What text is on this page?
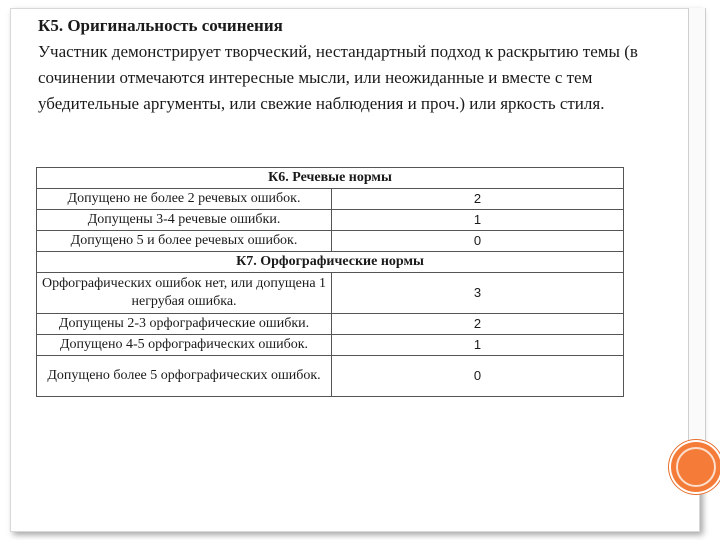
К5. Оригинальность сочинения
Участник демонстрирует творческий, нестандартный подход к раскрытию темы (в сочинении отмечаются интересные мысли, или неожиданные и вместе с тем убедительные аргументы, или свежие наблюдения и проч.) или яркость стиля.
К6. Речевые нормы	
Допущено не более 2 речевых ошибок.	2
Допущены 3-4 речевые ошибки.	1
Допущено 5 и более речевых ошибок.	0
К7. Орфографические нормы	
Орфографических ошибок нет, или допущена 1 негрубая ошибка.	3
Допущены 2-3 орфографические ошибки.	2
Допущено 4-5 орфографических ошибок.	1
Допущено более 5 орфографических ошибок.	0
